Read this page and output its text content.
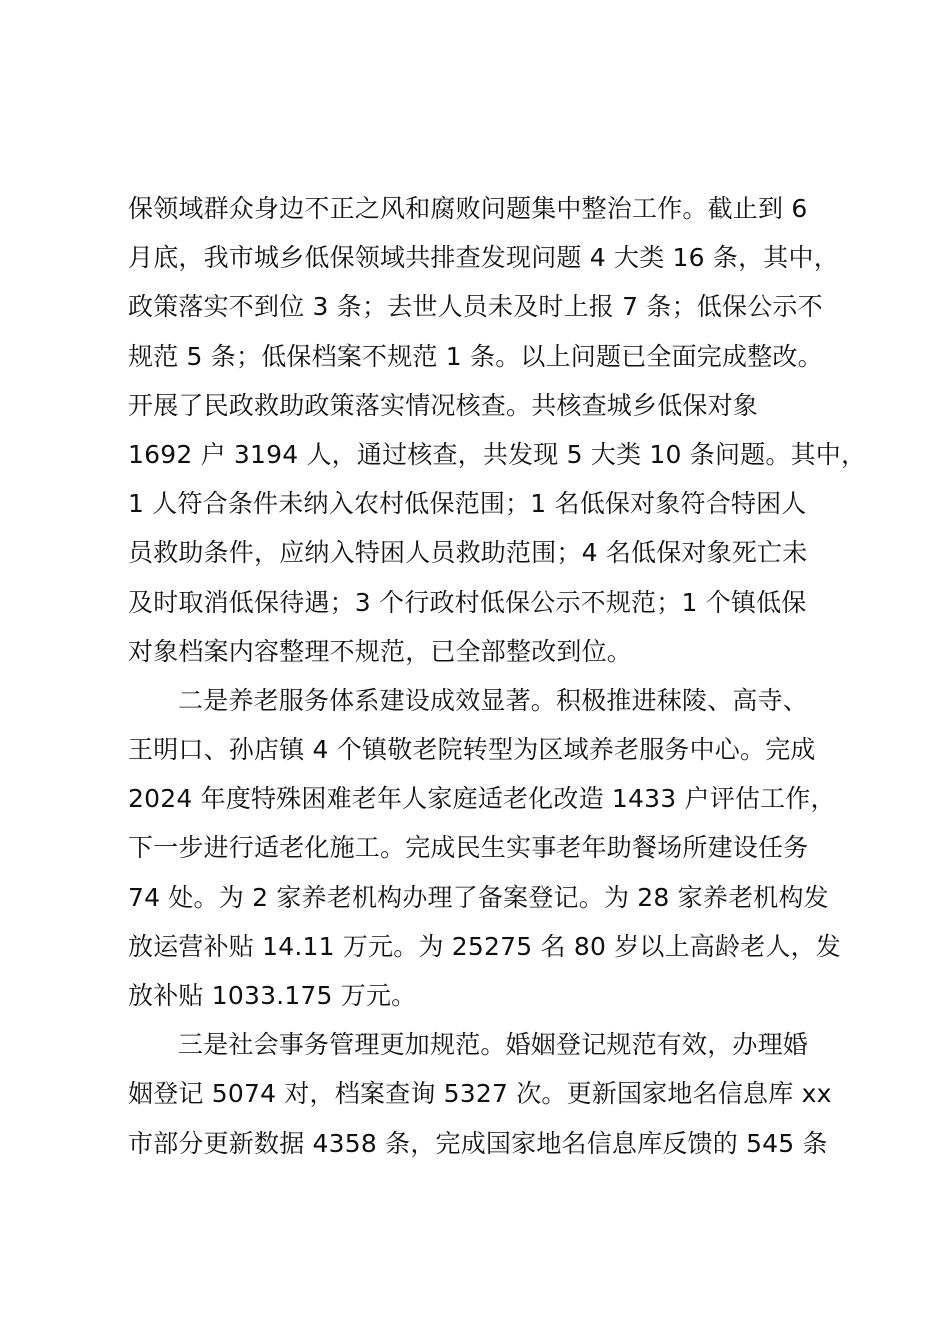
保领域群众身边不正之风和腐败问题集中整治工作。截止到 6
月底，我市城乡低保领域共排查发现问题 4 大类 16 条，其中，
政策落实不到位 3 条；去世人员未及时上报 7 条；低保公示不
规范 5 条；低保档案不规范 1 条。以上问题已全面完成整改。
开展了民政救助政策落实情况核查。共核查城乡低保对象
1692 户 3194 人，通过核查，共发现 5 大类 10 条问题。其中，
1 人符合条件未纳入农村低保范围；1 名低保对象符合特困人
员救助条件，应纳入特困人员救助范围；4 名低保对象死亡未
及时取消低保待遇；3 个行政村低保公示不规范；1 个镇低保
对象档案内容整理不规范，已全部整改到位。
二是养老服务体系建设成效显著。积极推进秣陵、高寺、
王明口、孙店镇 4 个镇敬老院转型为区域养老服务中心。完成
2024 年度特殊困难老年人家庭适老化改造 1433 户评估工作，
下一步进行适老化施工。完成民生实事老年助餐场所建设任务
74 处。为 2 家养老机构办理了备案登记。为 28 家养老机构发
放运营补贴 14.11 万元。为 25275 名 80 岁以上高龄老人，发
放补贴 1033.175 万元。
三是社会事务管理更加规范。婚姻登记规范有效，办理婚
姻登记 5074 对，档案查询 5327 次。更新国家地名信息库 xx
市部分更新数据 4358 条，完成国家地名信息库反馈的 545 条
